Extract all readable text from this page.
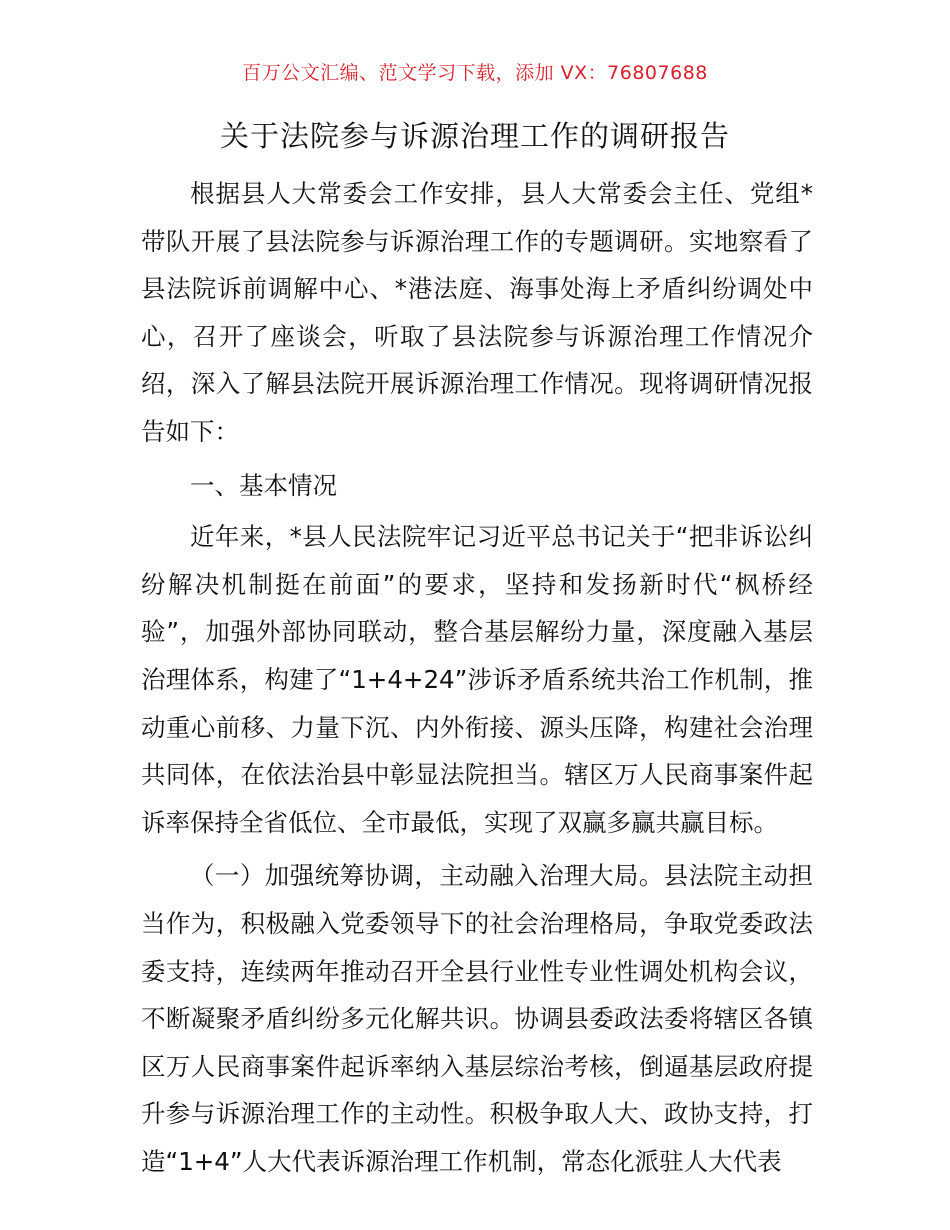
百万公文汇编、范文学习下载，添加 VX：76807688
关于法院参与诉源治理工作的调研报告

根据县人大常委会工作安排，县人大常委会主任、党组*带队开展了县法院参与诉源治理工作的专题调研。实地察看了县法院诉前调解中心、*港法庭、海事处海上矛盾纠纷调处中心，召开了座谈会，听取了县法院参与诉源治理工作情况介绍，深入了解县法院开展诉源治理工作情况。现将调研情况报告如下：

一、基本情况

近年来，*县人民法院牢记习近平总书记关于“把非诉讼纠纷解决机制挺在前面”的要求，坚持和发扬新时代“枫桥经验”，加强外部协同联动，整合基层解纷力量，深度融入基层治理体系，构建了“1+4+24”涉诉矛盾系统共治工作机制，推动重心前移、力量下沉、内外衔接、源头压降，构建社会治理共同体，在依法治县中彰显法院担当。辖区万人民商事案件起诉率保持全省低位、全市最低，实现了双赢多赢共赢目标。

（一）加强统筹协调，主动融入治理大局。县法院主动担当作为，积极融入党委领导下的社会治理格局，争取党委政法委支持，连续两年推动召开全县行业性专业性调处机构会议，不断凝聚矛盾纠纷多元化解共识。协调县委政法委将辖区各镇区万人民商事案件起诉率纳入基层综治考核，倒逼基层政府提升参与诉源治理工作的主动性。积极争取人大、政协支持，打造“1+4”人大代表诉源治理工作机制，常态化派驻人大代表
